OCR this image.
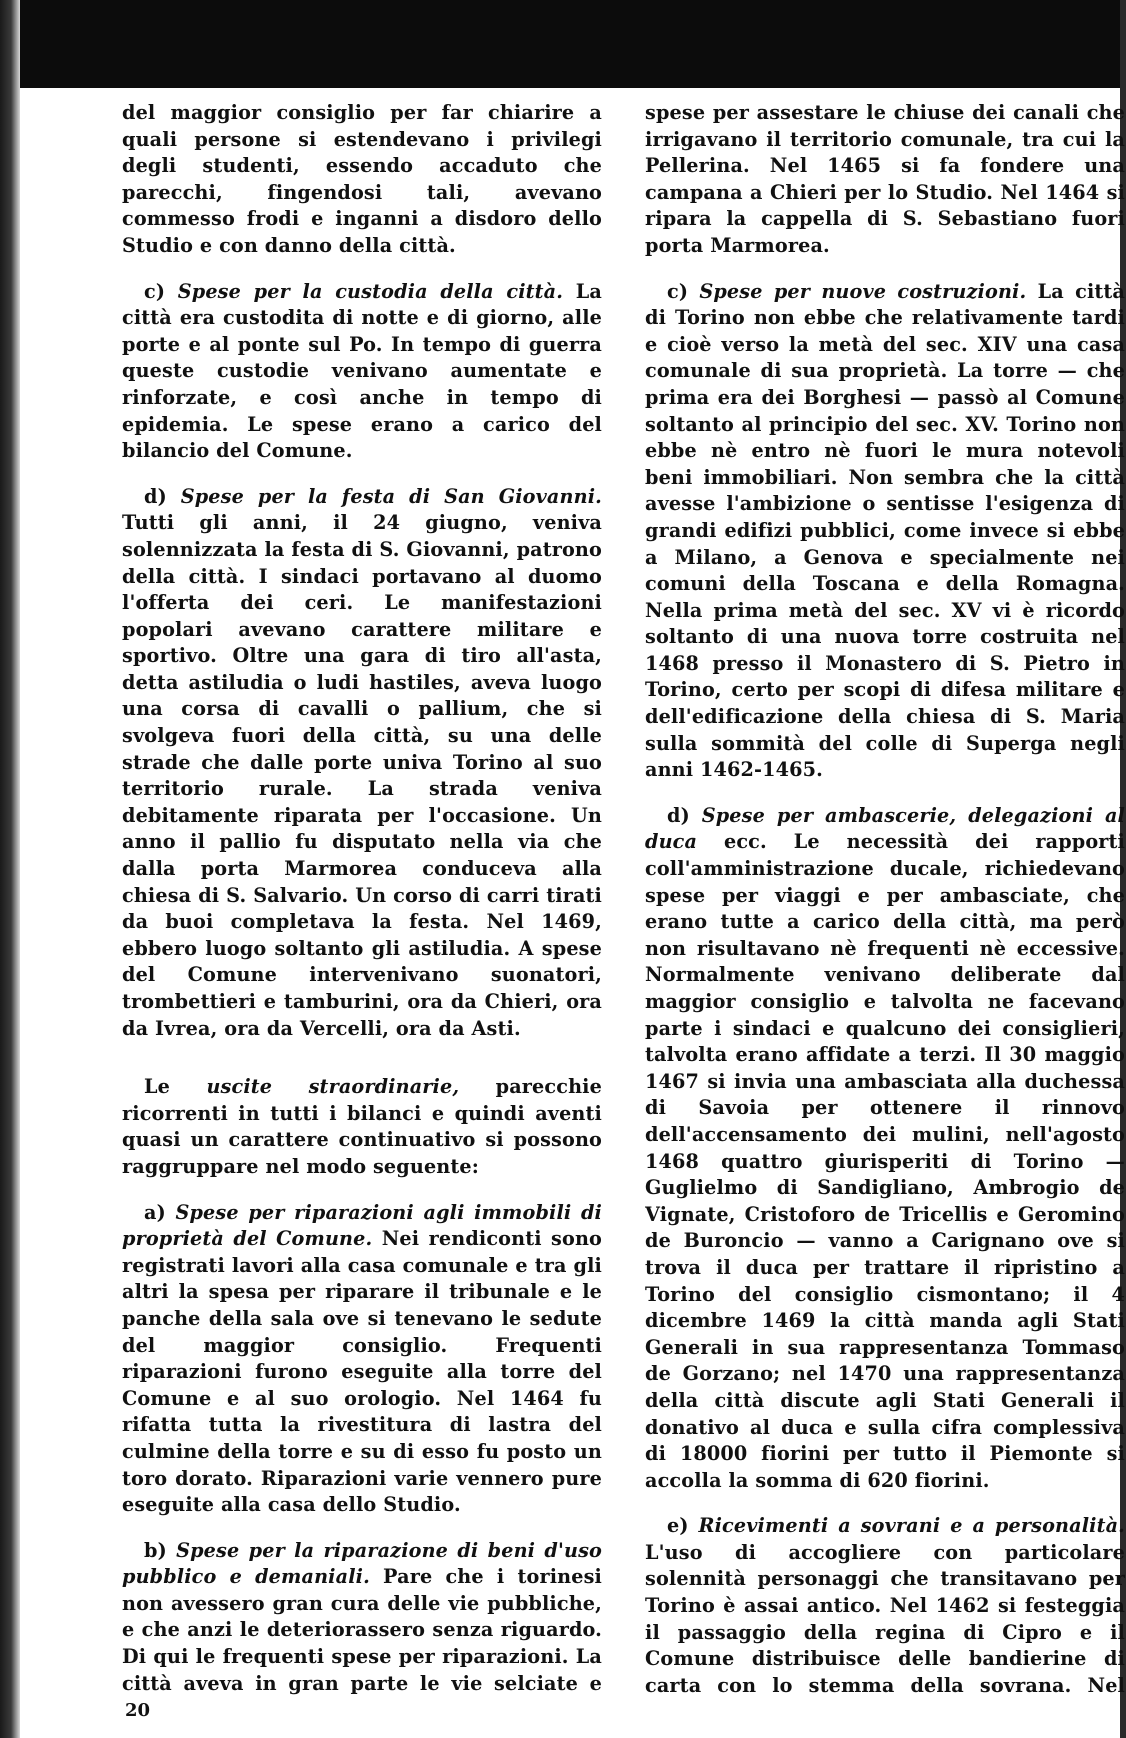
del maggior consiglio per far chiarire a quali persone si estendevano i privilegi degli studenti, essendo accaduto che parecchi, fingendosi tali, avevano commesso frodi e inganni a disdoro dello Studio e con danno della città.

c) Spese per la custodia della città. La città era custodita di notte e di giorno, alle porte e al ponte sul Po. In tempo di guerra queste custodie venivano aumentate e rinforzate, e così anche in tempo di epidemia. Le spese erano a carico del bilancio del Comune.

d) Spese per la festa di San Giovanni. Tutti gli anni, il 24 giugno, veniva solennizzata la festa di S. Giovanni, patrono della città. I sindaci portavano al duomo l'offerta dei ceri. Le manifestazioni popolari avevano carattere militare e sportivo. Oltre una gara di tiro all'asta, detta astiludia o ludi hastiles, aveva luogo una corsa di cavalli o pallium, che si svolgeva fuori della città, su una delle strade che dalle porte univa Torino al suo territorio rurale. La strada veniva debitamente riparata per l'occasione. Un anno il pallio fu disputato nella via che dalla porta Marmorea conduceva alla chiesa di S. Salvario. Un corso di carri tirati da buoi completava la festa. Nel 1469, ebbero luogo soltanto gli astiludia. A spese del Comune intervenivano suonatori, trombettieri e tamburini, ora da Chieri, ora da Ivrea, ora da Vercelli, ora da Asti.

Le uscite straordinarie, parecchie ricorrenti in tutti i bilanci e quindi aventi quasi un carattere continuativo si possono raggruppare nel modo seguente:

a) Spese per riparazioni agli immobili di proprietà del Comune. Nei rendiconti sono registrati lavori alla casa comunale e tra gli altri la spesa per riparare il tribunale e le panche della sala ove si tenevano le sedute del maggior consiglio. Frequenti riparazioni furono eseguite alla torre del Comune e al suo orologio. Nel 1464 fu rifatta tutta la rivestitura di lastra del culmine della torre e su di esso fu posto un toro dorato. Riparazioni varie vennero pure eseguite alla casa dello Studio.

b) Spese per la riparazione di beni d'uso pubblico e demaniali. Pare che i torinesi non avessero gran cura delle vie pubbliche, e che anzi le deteriorassero senza riguardo. Di qui le frequenti spese per riparazioni. La città aveva in gran parte le vie selciate e

spese per assestare le chiuse dei canali che irrigavano il territorio comunale, tra cui la Pellerina. Nel 1465 si fa fondere una campana a Chieri per lo Studio. Nel 1464 si ripara la cappella di S. Sebastiano fuori porta Marmorea.

c) Spese per nuove costruzioni. La città di Torino non ebbe che relativamente tardi e cioè verso la metà del sec. XIV una casa comunale di sua proprietà. La torre — che prima era dei Borghesi — passò al Comune soltanto al principio del sec. XV. Torino non ebbe nè entro nè fuori le mura notevoli beni immobiliari. Non sembra che la città avesse l'ambizione o sentisse l'esigenza di grandi edifizi pubblici, come invece si ebbe a Milano, a Genova e specialmente nei comuni della Toscana e della Romagna. Nella prima metà del sec. XV vi è ricordo soltanto di una nuova torre costruita nel 1468 presso il Monastero di S. Pietro in Torino, certo per scopi di difesa militare e dell'edificazione della chiesa di S. Maria sulla sommità del colle di Superga negli anni 1462-1465.

d) Spese per ambascerie, delegazioni al duca ecc. Le necessità dei rapporti coll'amministrazione ducale, richiedevano spese per viaggi e per ambasciate, che erano tutte a carico della città, ma però non risultavano nè frequenti nè eccessive. Normalmente venivano deliberate dal maggior consiglio e talvolta ne facevano parte i sindaci e qualcuno dei consiglieri, talvolta erano affidate a terzi. Il 30 maggio 1467 si invia una ambasciata alla duchessa di Savoia per ottenere il rinnovo dell'accensamento dei mulini, nell'agosto 1468 quattro giurisperiti di Torino — Guglielmo di Sandigliano, Ambrogio de Vignate, Cristoforo de Tricellis e Geromino de Buroncio — vanno a Carignano ove si trova il duca per trattare il ripristino a Torino del consiglio cismontano; il 4 dicembre 1469 la città manda agli Stati Generali in sua rappresentanza Tommaso de Gorzano; nel 1470 una rappresentanza della città discute agli Stati Generali il donativo al duca e sulla cifra complessiva di 18000 fiorini per tutto il Piemonte si accolla la somma di 620 fiorini.

e) Ricevimenti a sovrani e a personalità. L'uso di accogliere con particolare solennità personaggi che transitavano per Torino è assai antico. Nel 1462 si festeggia il passaggio della regina di Cipro e il Comune distribuisce delle bandierine di carta con lo stemma della sovrana. Nel

20
